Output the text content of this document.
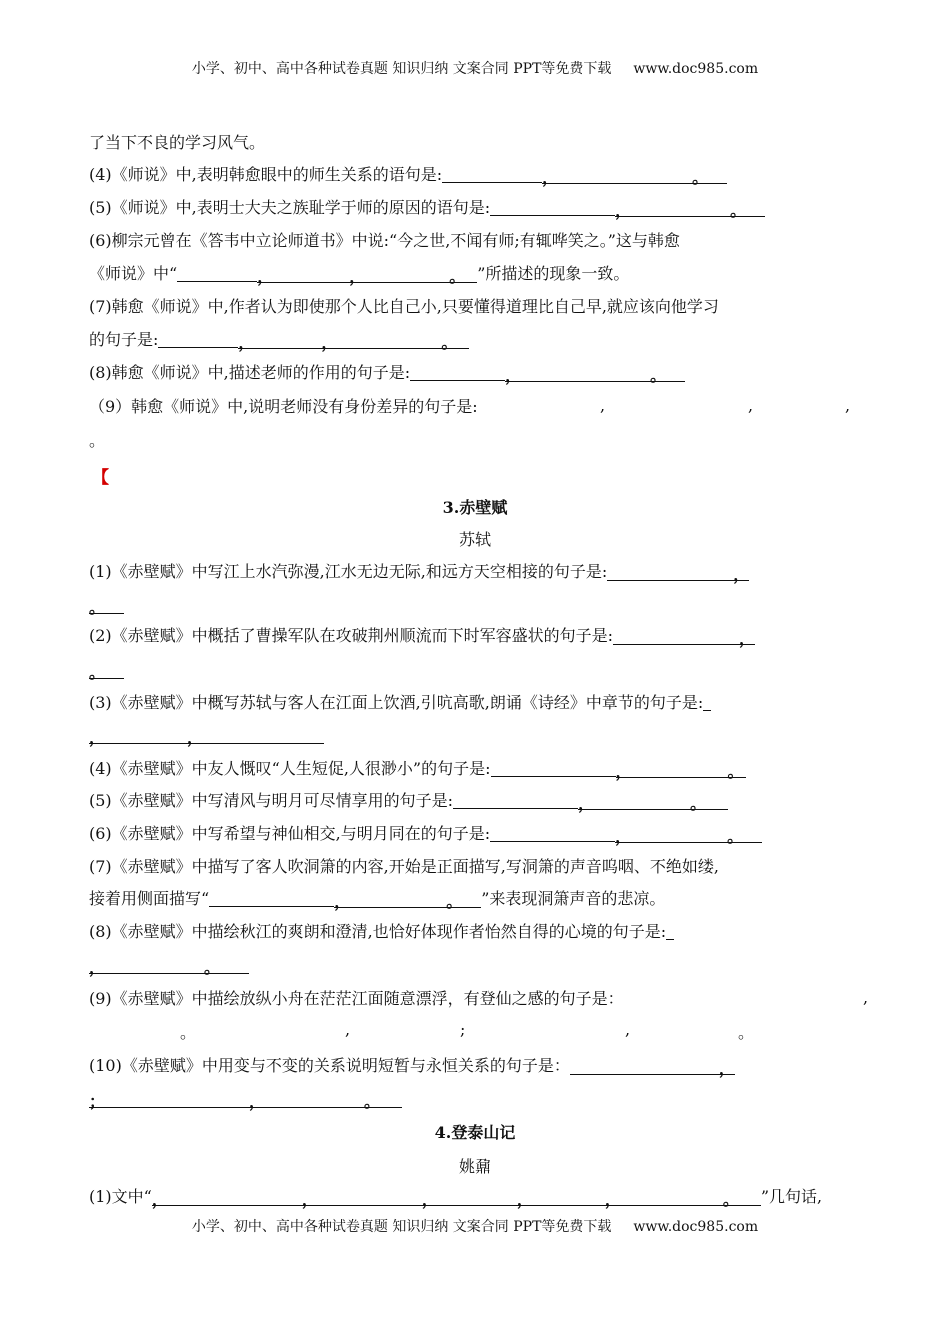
小学、初中、高中各种试卷真题 知识归纳 文案合同 PPT等免费下载 www.doc985.com
了当下不良的学习风气。
(4)《师说》中,表明韩愈眼中的师生关系的语句是:	，	。
(5)《师说》中,表明士大夫之族耻学于师的原因的语句是:	，	。
(6)柳宗元曾在《答韦中立论师道书》中说:“今之世,不闻有师;有辄哗笑之。”这与韩愈
《师说》中“	，	，	。 ”所描述的现象一致。
(7)韩愈《师说》中,作者认为即使那个人比自己小,只要懂得道理比自己早,就应该向他学习
的句子是:	，	，	。
(8)韩愈《师说》中,描述老师的作用的句子是:	，	。
（9）韩愈《师说》中,说明老师没有身份差异的句子是:	,	,	,
。
【
3.赤壁赋
苏轼
(1)《赤壁赋》中写江上水汽弥漫,江水无边无际,和远方天空相接的句子是:	，
。
(2)《赤壁赋》中概括了曹操军队在攻破荆州顺流而下时军容盛状的句子是:	，
。
(3)《赤壁赋》中概写苏轼与客人在江面上饮酒,引吭高歌,朗诵《诗经》中章节的句子是:
，	，
(4)《赤壁赋》中友人慨叹“人生短促,人很渺小”的句子是:	，	。
(5)《赤壁赋》中写清风与明月可尽情享用的句子是:	，	。
(6)《赤壁赋》中写希望与神仙相交,与明月同在的句子是:	，	。
(7)《赤壁赋》中描写了客人吹洞箫的内容,开始是正面描写,写洞箫的声音呜咽、不绝如缕,
接着用侧面描写“	，	。 ”来表现洞箫声音的悲凉。
(8)《赤壁赋》中描绘秋江的爽朗和澄清,也恰好体现作者怡然自得的心境的句子是:
，	。
(9)《赤壁赋》中描绘放纵小舟在茫茫江面随意漂浮，有登仙之感的句子是：	,
。	,	;	,	。
(10)《赤壁赋》中用变与不变的关系说明短暂与永恒关系的句子是：	，
；	，	。
4.登泰山记
姚鼐
(1)文中“，	，	，	，	，	。 ”几句话,
小学、初中、高中各种试卷真题 知识归纳 文案合同 PPT等免费下载 www.doc985.com
